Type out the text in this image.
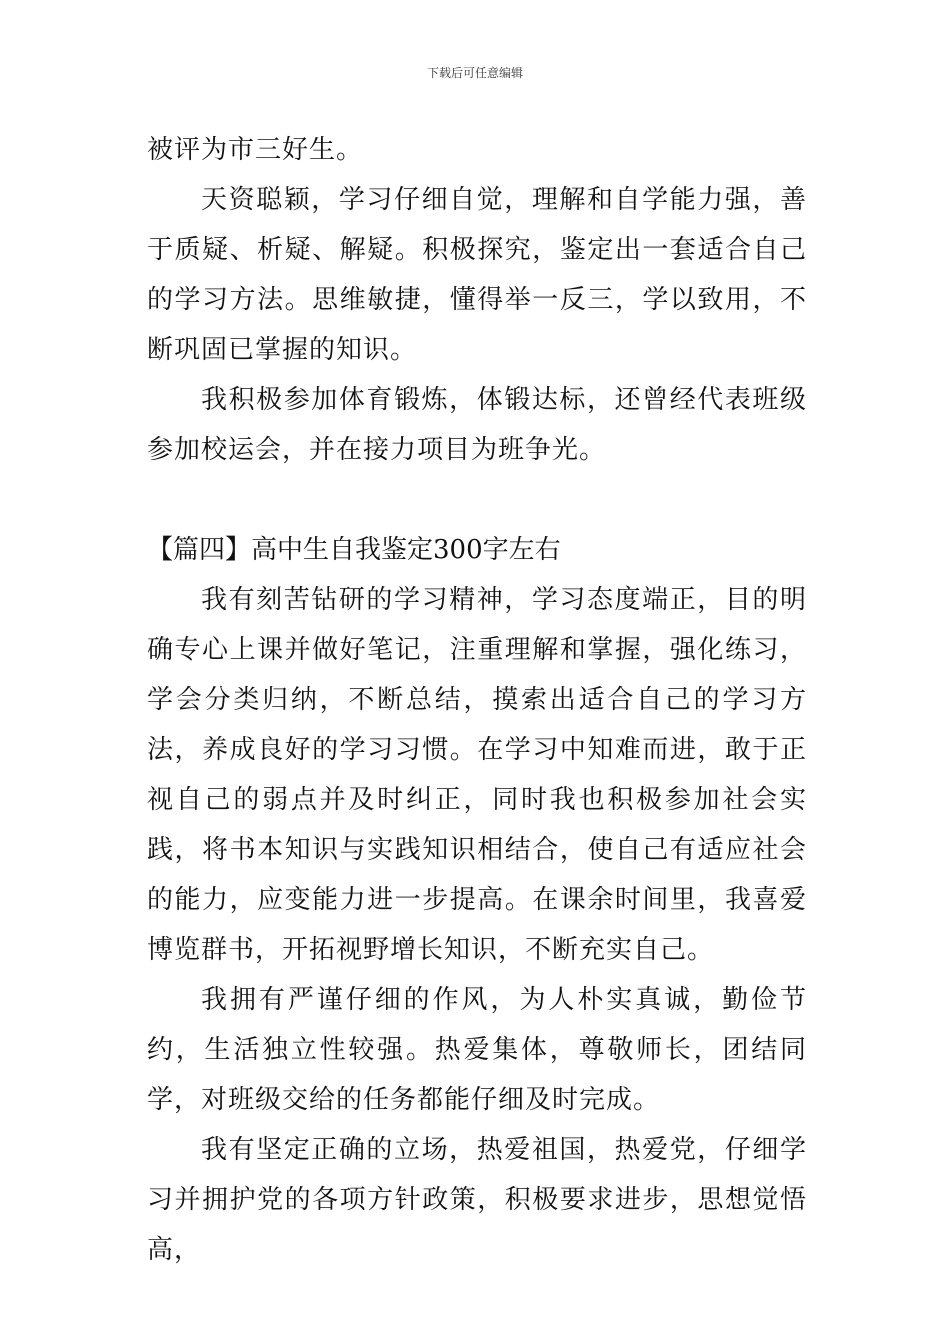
下载后可任意编辑

被评为市三好生。

天资聪颖，学习仔细自觉，理解和自学能力强，善于质疑、析疑、解疑。积极探究，鉴定出一套适合自己的学习方法。思维敏捷，懂得举一反三，学以致用，不断巩固已掌握的知识。

我积极参加体育锻炼，体锻达标，还曾经代表班级参加校运会，并在接力项目为班争光。

【篇四】高中生自我鉴定300字左右

我有刻苦钻研的学习精神，学习态度端正，目的明确专心上课并做好笔记，注重理解和掌握，强化练习，学会分类归纳，不断总结，摸索出适合自己的学习方法，养成良好的学习习惯。在学习中知难而进，敢于正视自己的弱点并及时纠正，同时我也积极参加社会实践，将书本知识与实践知识相结合，使自己有适应社会的能力，应变能力进一步提高。在课余时间里，我喜爱博览群书，开拓视野增长知识，不断充实自己。

我拥有严谨仔细的作风，为人朴实真诚，勤俭节约，生活独立性较强。热爱集体，尊敬师长，团结同学，对班级交给的任务都能仔细及时完成。

我有坚定正确的立场，热爱祖国，热爱党，仔细学习并拥护党的各项方针政策，积极要求进步，思想觉悟高，
